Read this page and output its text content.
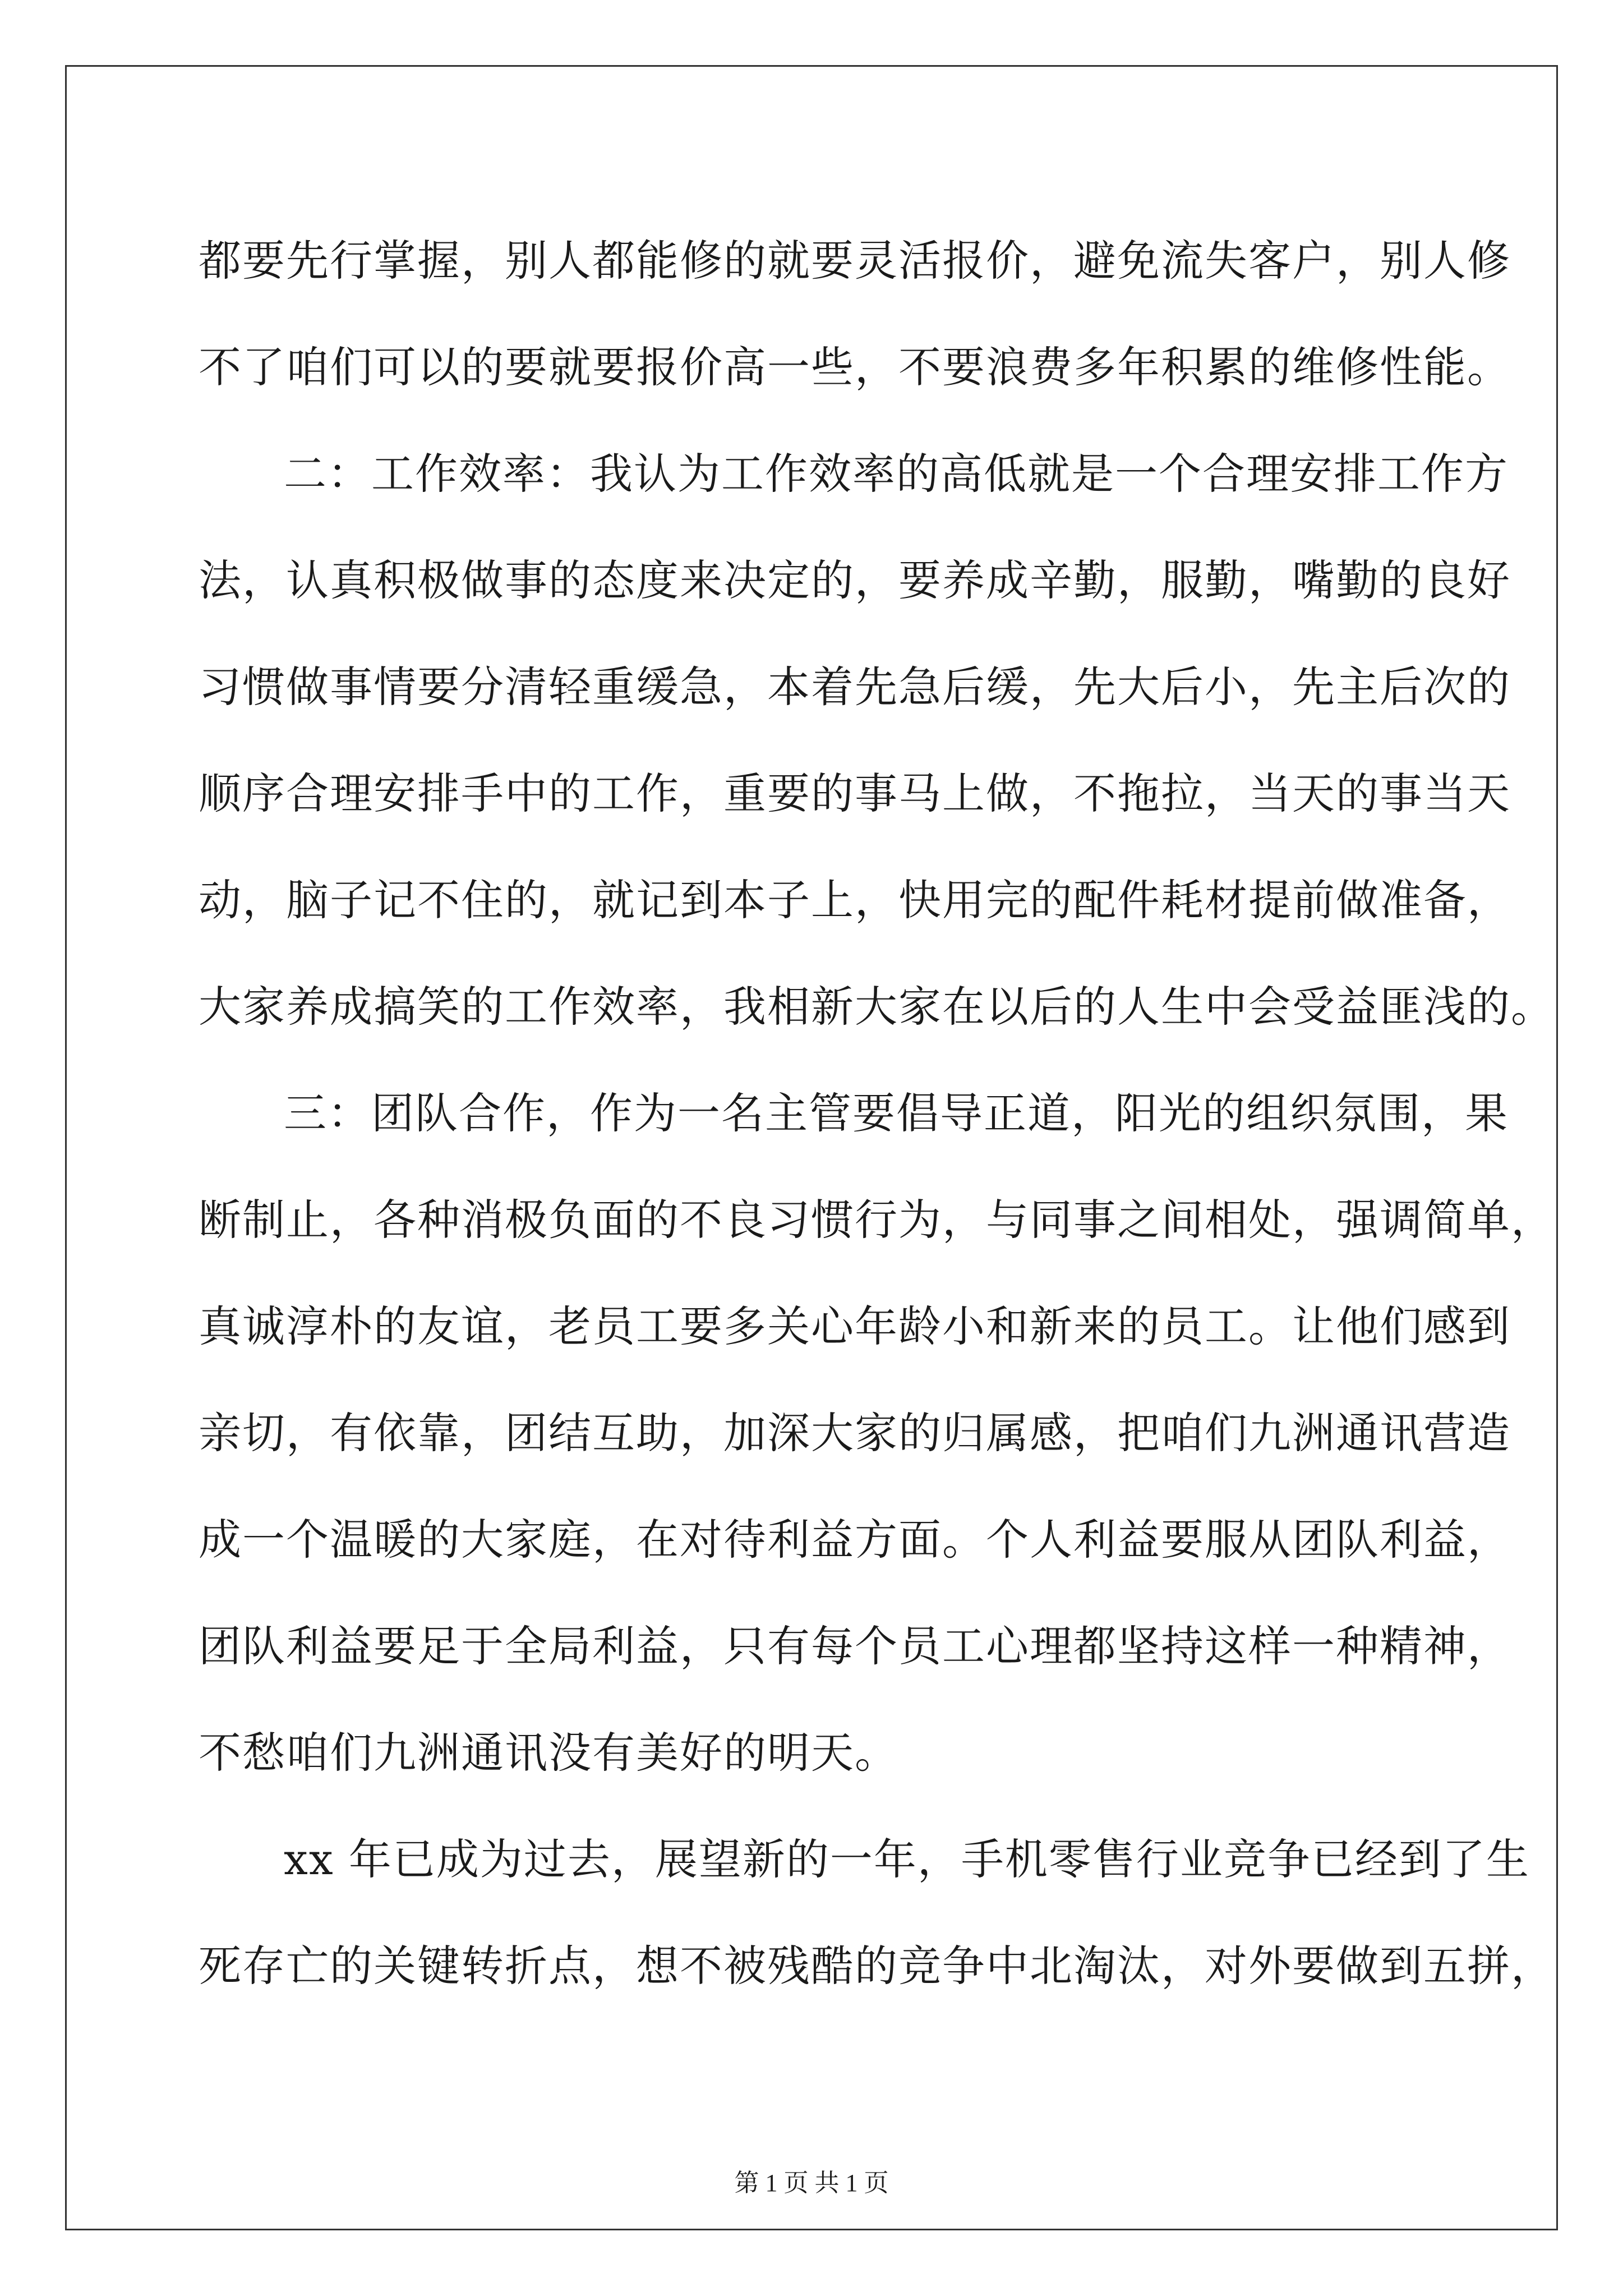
都要先行掌握，别人都能修的就要灵活报价，避免流失客户，别人修
不了咱们可以的要就要报价高一些，不要浪费多年积累的维修性能。
二：工作效率：我认为工作效率的高低就是一个合理安排工作方
法，认真积极做事的态度来决定的，要养成辛勤，服勤，嘴勤的良好
习惯做事情要分清轻重缓急，本着先急后缓，先大后小，先主后次的
顺序合理安排手中的工作，重要的事马上做，不拖拉，当天的事当天
动，脑子记不住的，就记到本子上，快用完的配件耗材提前做准备，
大家养成搞笑的工作效率，我相新大家在以后的人生中会受益匪浅的。
三：团队合作，作为一名主管要倡导正道，阳光的组织氛围，果
断制止，各种消极负面的不良习惯行为，与同事之间相处，强调简单，
真诚淳朴的友谊，老员工要多关心年龄小和新来的员工。让他们感到
亲切，有依靠，团结互助，加深大家的归属感，把咱们九洲通讯营造
成一个温暖的大家庭，在对待利益方面。个人利益要服从团队利益，
团队利益要足于全局利益，只有每个员工心理都坚持这样一种精神，
不愁咱们九洲通讯没有美好的明天。
xx 年已成为过去，展望新的一年，手机零售行业竞争已经到了生
死存亡的关键转折点，想不被残酷的竞争中北淘汰，对外要做到五拼，
第 1 页 共 1 页
